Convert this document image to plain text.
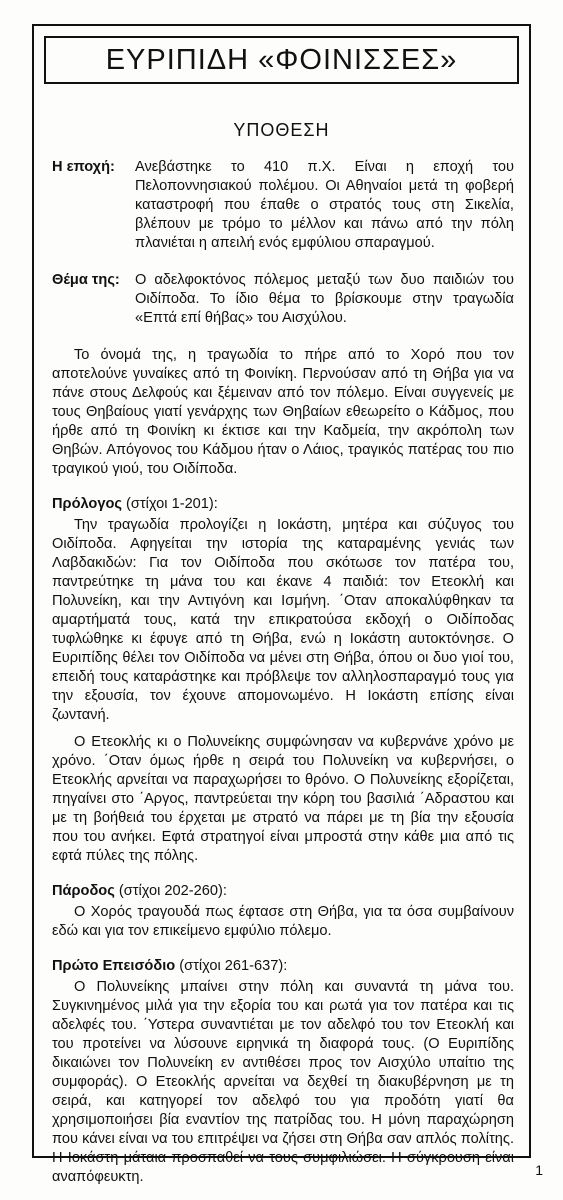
ΕΥΡΙΠΙΔΗ «ΦΟΙΝΙΣΣΕΣ»
ΥΠΟΘΕΣΗ
Η εποχή:	Ανεβάστηκε το 410 π.Χ. Είναι η εποχή του Πελοποννησιακού πολέμου. Οι Αθηναίοι μετά τη φοβερή καταστροφή που έπαθε ο στρατός τους στη Σικελία, βλέπουν με τρόμο το μέλλον και πάνω από την πόλη πλανιέται η απειλή ενός εμφύλιου σπαραγμού.
Θέμα της:	Ο αδελφοκτόνος πόλεμος μεταξύ των δυο παιδιών του Οιδίποδα. Το ίδιο θέμα το βρίσκουμε στην τραγωδία «Επτά επί θήβας» του Αισχύλου.

Το όνομά της, η τραγωδία το πήρε από το Χορό που τον αποτελούνε γυναίκες από τη Φοινίκη. Περνούσαν από τη Θήβα για να πάνε στους Δελφούς και ξέμειναν από τον πόλεμο. Είναι συγγενείς με τους Θηβαίους γιατί γενάρχης των Θηβαίων εθεωρείτο ο Κάδμος, που ήρθε από τη Φοινίκη κι έκτισε και την Καδμεία, την ακρόπολη των Θηβών. Απόγονος του Κάδμου ήταν ο Λάιος, τραγικός πατέρας του πιο τραγικού γιού, του Οιδίποδα.

Πρόλογος (στίχοι 1-201):

Την τραγωδία προλογίζει η Ιοκάστη, μητέρα και σύζυγος του Οιδίποδα. Αφηγείται την ιστορία της καταραμένης γενιάς των Λαβδακιδών: Για τον Οιδίποδα που σκότωσε τον πατέρα του, παντρεύτηκε τη μάνα του και έκανε 4 παιδιά: τον Ετεοκλή και Πολυνείκη, και την Αντιγόνη και Ισμήνη. ΄Οταν αποκαλύφθηκαν τα αμαρτήματά τους, κατά την επικρατούσα εκδοχή ο Οιδίποδας τυφλώθηκε κι έφυγε από τη Θήβα, ενώ η Ιοκάστη αυτοκτόνησε. Ο Ευριπίδης θέλει τον Οιδίποδα να μένει στη Θήβα, όπου οι δυο γιοί του, επειδή τους καταράστηκε και πρόβλεψε τον αλληλοσπαραγμό τους για την εξουσία, τον έχουνε απομονωμένο. Η Ιοκάστη επίσης είναι ζωντανή.

Ο Ετεοκλής κι ο Πολυνείκης συμφώνησαν να κυβερνάνε χρόνο με χρόνο. ΄Οταν όμως ήρθε η σειρά του Πολυνείκη να κυβερνήσει, ο Ετεοκλής αρνείται να παραχωρήσει το θρόνο. Ο Πολυνείκης εξορίζεται, πηγαίνει στο ΄Αργος, παντρεύεται την κόρη του βασιλιά ΄Αδραστου και με τη βοήθειά του έρχεται με στρατό να πάρει με τη βία την εξουσία που του ανήκει. Εφτά στρατηγοί είναι μπροστά στην κάθε μια από τις εφτά πύλες της πόλης.

Πάροδος (στίχοι 202-260):

Ο Χορός τραγουδά πως έφτασε στη Θήβα, για τα όσα συμβαίνουν εδώ και για τον επικείμενο εμφύλιο πόλεμο.

Πρώτο Επεισόδιο (στίχοι 261-637):

Ο Πολυνείκης μπαίνει στην πόλη και συναντά τη μάνα του. Συγκινημένος μιλά για την εξορία του και ρωτά για τον πατέρα και τις αδελφές του. ΄Υστερα συναντιέται με τον αδελφό του τον Ετεοκλή και του προτείνει να λύσουνε ειρηνικά τη διαφορά τους. (Ο Ευριπίδης δικαιώνει τον Πολυνείκη εν αντιθέσει προς τον Αισχύλο υπαίτιο της συμφοράς). Ο Ετεοκλής αρνείται να δεχθεί τη διακυβέρνηση με τη σειρά, και κατηγορεί τον αδελφό του για προδότη γιατί θα χρησιμοποιήσει βία εναντίον της πατρίδας του. Η μόνη παραχώρηση που κάνει είναι να του επιτρέψει να ζήσει στη Θήβα σαν απλός πολίτης. Η Ιοκάστη μάταια προσπαθεί να τους συμφιλιώσει. Η σύγκρουση είναι αναπόφευκτη.	1
